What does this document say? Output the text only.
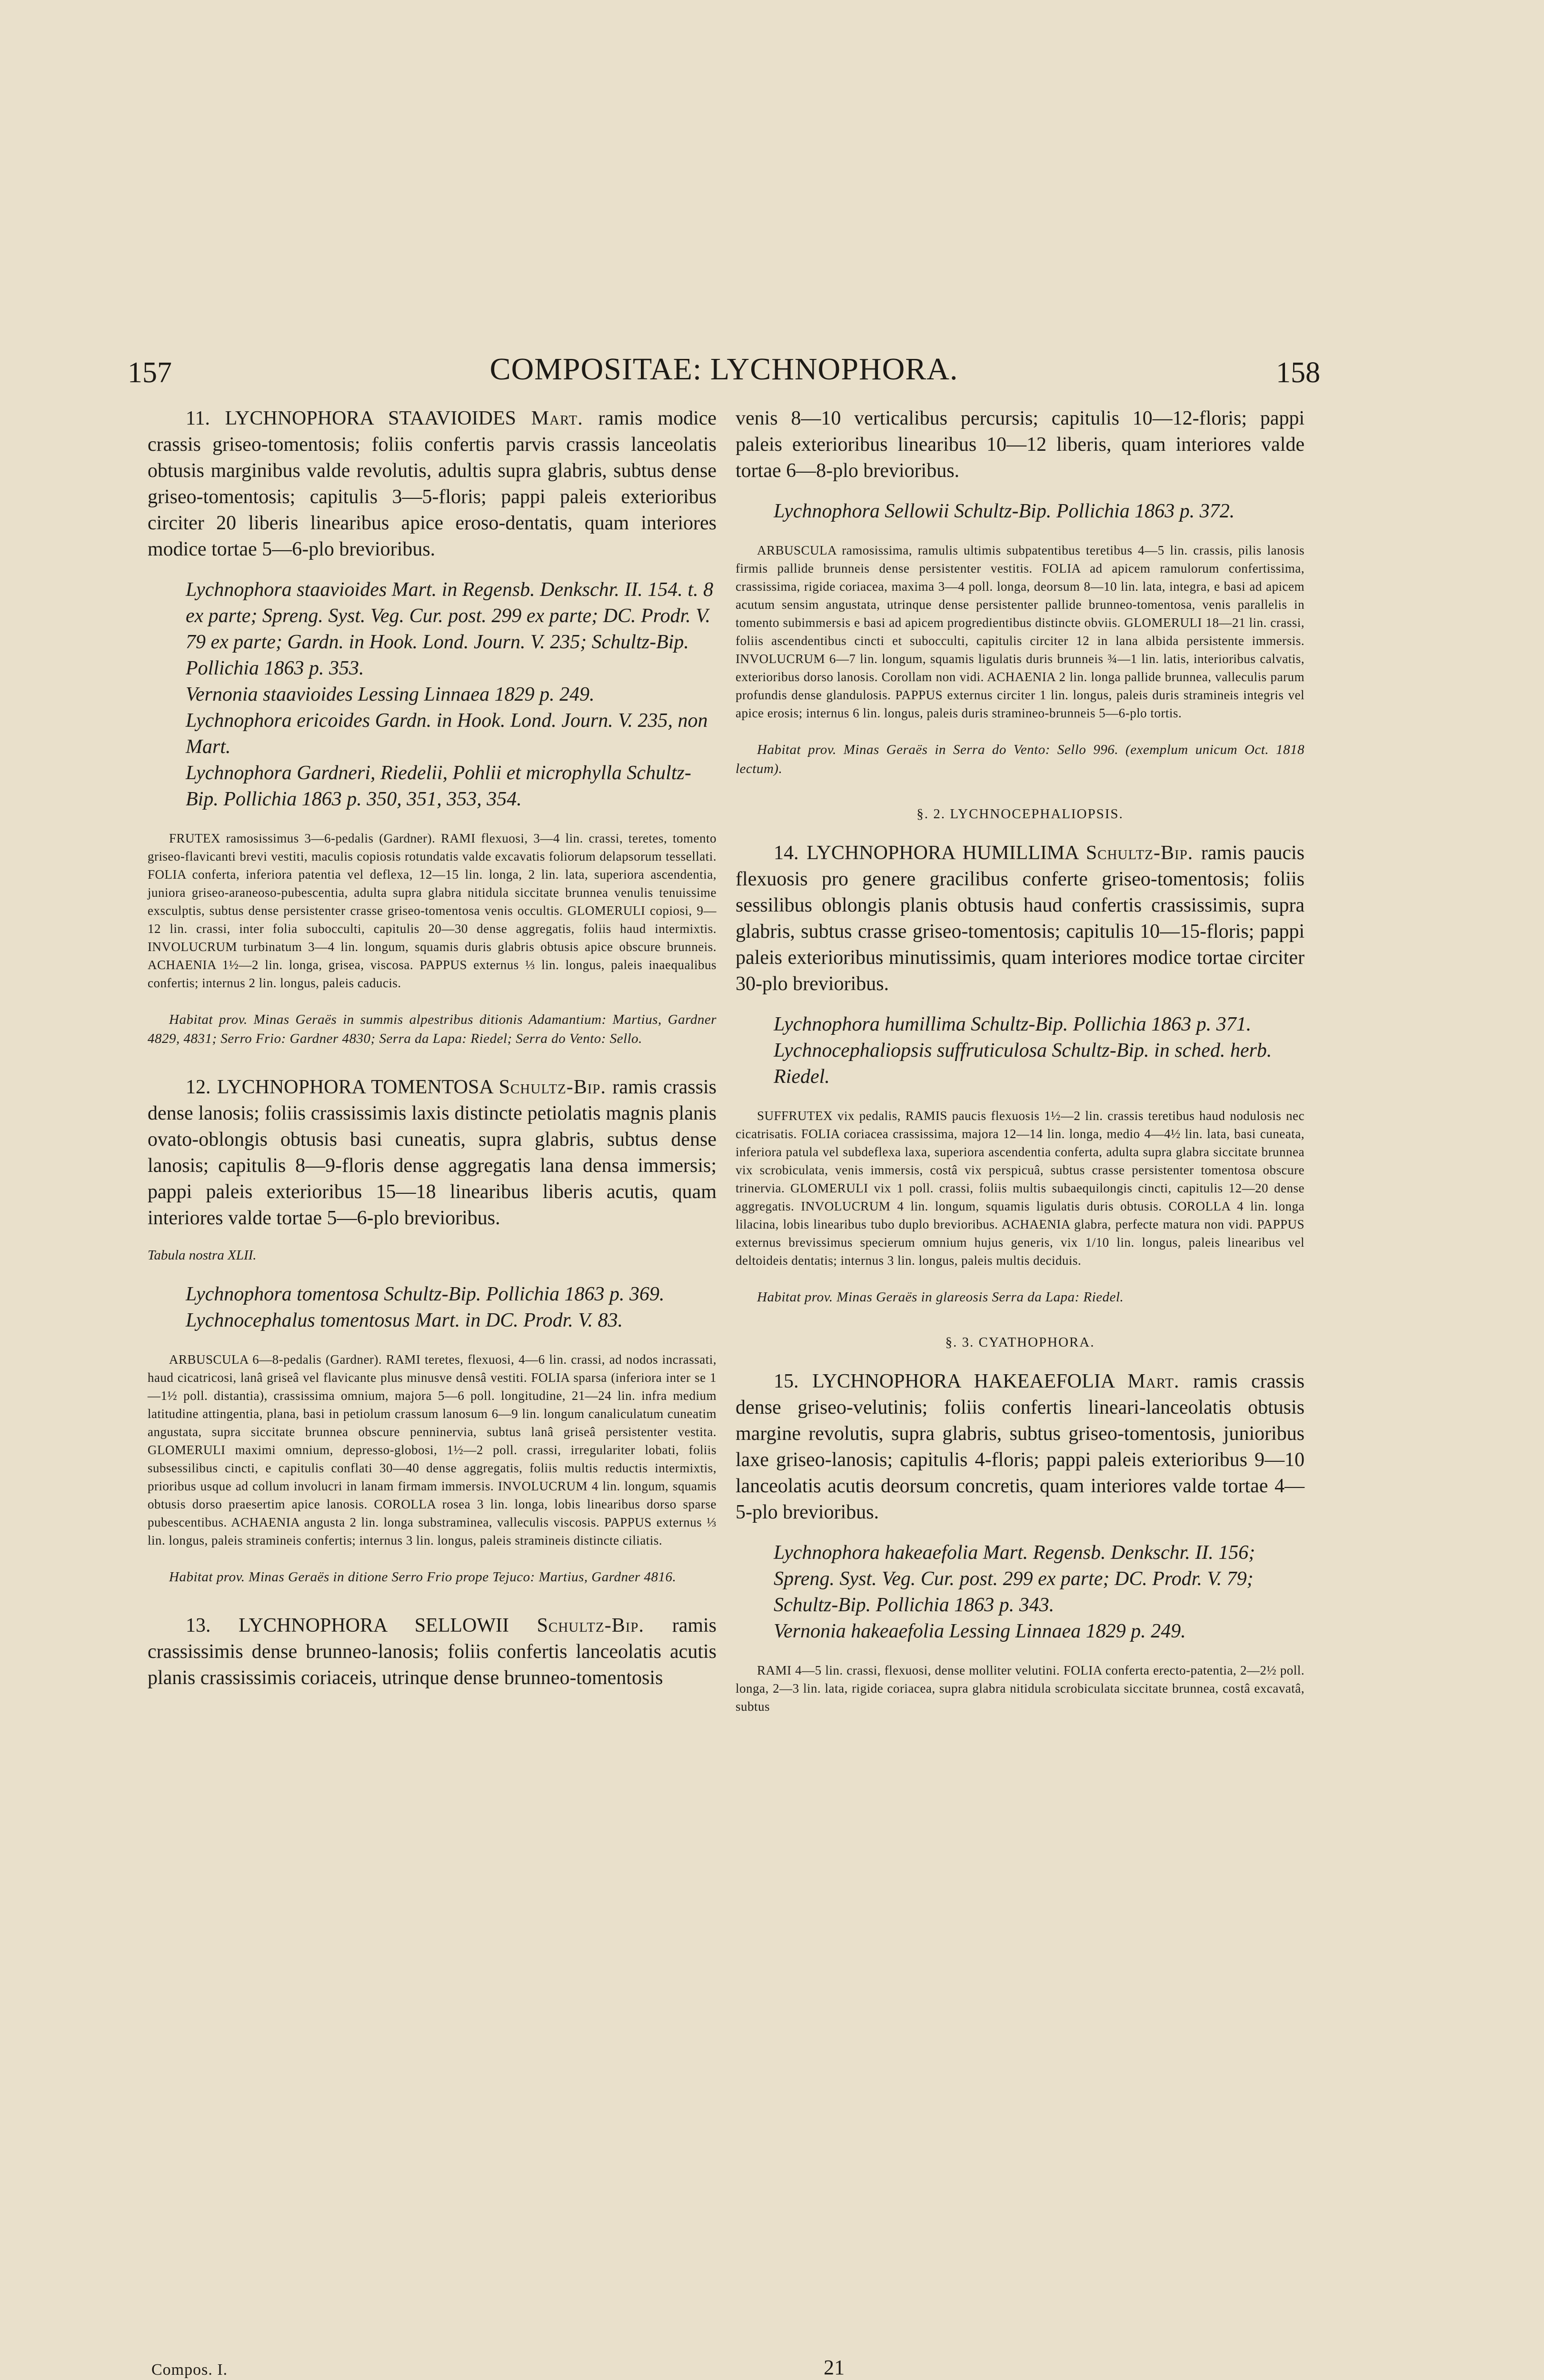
157	COMPOSITAE: LYCHNOPHORA.	158

11. LYCHNOPHORA STAAVIOIDES Mart. ramis modice crassis griseo-tomentosis; foliis confertis parvis crassis lanceolatis obtusis marginibus valde revolutis, adultis supra glabris, subtus dense griseo-tomentosis; capitulis 3—5-floris; pappi paleis exterioribus circiter 20 liberis linearibus apice eroso-dentatis, quam interiores modice tortae 5—6-plo brevioribus.

Lychnophora staavioides Mart. in Regensb. Denkschr. II. 154. t. 8 ex parte; Spreng. Syst. Veg. Cur. post. 299 ex parte; DC. Prodr. V. 79 ex parte; Gardn. in Hook. Lond. Journ. V. 235; Schultz-Bip. Pollichia 1863 p. 353.

Vernonia staavioides Lessing Linnaea 1829 p. 249.

Lychnophora ericoides Gardn. in Hook. Lond. Journ. V. 235, non Mart.

Lychnophora Gardneri, Riedelii, Pohlii et microphylla Schultz-Bip. Pollichia 1863 p. 350, 351, 353, 354.

FRUTEX ramosissimus 3—6-pedalis (Gardner). RAMI flexuosi, 3—4 lin. crassi, teretes, tomento griseo-flavicanti brevi vestiti, maculis copiosis rotundatis valde excavatis foliorum delapsorum tessellati. FOLIA conferta, inferiora patentia vel deflexa, 12—15 lin. longa, 2 lin. lata, superiora ascendentia, juniora griseo-araneoso-pubescentia, adulta supra glabra nitidula siccitate brunnea venulis tenuissime exsculptis, subtus dense persistenter crasse griseo-tomentosa venis occultis. GLOMERULI copiosi, 9—12 lin. crassi, inter folia subocculti, capitulis 20—30 dense aggregatis, foliis haud intermixtis. INVOLUCRUM turbinatum 3—4 lin. longum, squamis duris glabris obtusis apice obscure brunneis. ACHAENIA 1½—2 lin. longa, grisea, viscosa. PAPPUS externus ⅓ lin. longus, paleis inaequalibus confertis; internus 2 lin. longus, paleis caducis.

Habitat prov. Minas Geraës in summis alpestribus ditionis Adamantium: Martius, Gardner 4829, 4831; Serro Frio: Gardner 4830; Serra da Lapa: Riedel; Serra do Vento: Sello.

12. LYCHNOPHORA TOMENTOSA Schultz-Bip. ramis crassis dense lanosis; foliis crassissimis laxis distincte petiolatis magnis planis ovato-oblongis obtusis basi cuneatis, supra glabris, subtus dense lanosis; capitulis 8—9-floris dense aggregatis lana densa immersis; pappi paleis exterioribus 15—18 linearibus liberis acutis, quam interiores valde tortae 5—6-plo brevioribus.

Tabula nostra XLII.

Lychnophora tomentosa Schultz-Bip. Pollichia 1863 p. 369.

Lychnocephalus tomentosus Mart. in DC. Prodr. V. 83.

ARBUSCULA 6—8-pedalis (Gardner). RAMI teretes, flexuosi, 4—6 lin. crassi, ad nodos incrassati, haud cicatricosi, lanâ griseâ vel flavicante plus minusve densâ vestiti. FOLIA sparsa (inferiora inter se 1—1½ poll. distantia), crassissima omnium, majora 5—6 poll. longitudine, 21—24 lin. infra medium latitudine attingentia, plana, basi in petiolum crassum lanosum 6—9 lin. longum canaliculatum cuneatim angustata, supra siccitate brunnea obscure penninervia, subtus lanâ griseâ persistenter vestita. GLOMERULI maximi omnium, depresso-globosi, 1½—2 poll. crassi, irregulariter lobati, foliis subsessilibus cincti, e capitulis conflati 30—40 dense aggregatis, foliis multis reductis intermixtis, prioribus usque ad collum involucri in lanam firmam immersis. INVOLUCRUM 4 lin. longum, squamis obtusis dorso praesertim apice lanosis. COROLLA rosea 3 lin. longa, lobis linearibus dorso sparse pubescentibus. ACHAENIA angusta 2 lin. longa substraminea, valleculis viscosis. PAPPUS externus ⅓ lin. longus, paleis stramineis confertis; internus 3 lin. longus, paleis stramineis distincte ciliatis.

Habitat prov. Minas Geraës in ditione Serro Frio prope Tejuco: Martius, Gardner 4816.

13. LYCHNOPHORA SELLOWII Schultz-Bip. ramis crassissimis dense brunneo-lanosis; foliis confertis lanceolatis acutis planis crassissimis coriaceis, utrinque dense brunneo-tomentosis

venis 8—10 verticalibus percursis; capitulis 10—12-floris; pappi paleis exterioribus linearibus 10—12 liberis, quam interiores valde tortae 6—8-plo brevioribus.

Lychnophora Sellowii Schultz-Bip. Pollichia 1863 p. 372.

ARBUSCULA ramosissima, ramulis ultimis subpatentibus teretibus 4—5 lin. crassis, pilis lanosis firmis pallide brunneis dense persistenter vestitis. FOLIA ad apicem ramulorum confertissima, crassissima, rigide coriacea, maxima 3—4 poll. longa, deorsum 8—10 lin. lata, integra, e basi ad apicem acutum sensim angustata, utrinque dense persistenter pallide brunneo-tomentosa, venis parallelis in tomento subimmersis e basi ad apicem progredientibus distincte obviis. GLOMERULI 18—21 lin. crassi, foliis ascendentibus cincti et subocculti, capitulis circiter 12 in lana albida persistente immersis. INVOLUCRUM 6—7 lin. longum, squamis ligulatis duris brunneis ¾—1 lin. latis, interioribus calvatis, exterioribus dorso lanosis. Corollam non vidi. ACHAENIA 2 lin. longa pallide brunnea, valleculis parum profundis dense glandulosis. PAPPUS externus circiter 1 lin. longus, paleis duris stramineis integris vel apice erosis; internus 6 lin. longus, paleis duris stramineo-brunneis 5—6-plo tortis.

Habitat prov. Minas Geraës in Serra do Vento: Sello 996. (exemplum unicum Oct. 1818 lectum).

§. 2. LYCHNOCEPHALIOPSIS.

14. LYCHNOPHORA HUMILLIMA Schultz-Bip. ramis paucis flexuosis pro genere gracilibus conferte griseo-tomentosis; foliis sessilibus oblongis planis obtusis haud confertis crassissimis, supra glabris, subtus crasse griseo-tomentosis; capitulis 10—15-floris; pappi paleis exterioribus minutissimis, quam interiores modice tortae circiter 30-plo brevioribus.

Lychnophora humillima Schultz-Bip. Pollichia 1863 p. 371.

Lychnocephaliopsis suffruticulosa Schultz-Bip. in sched. herb. Riedel.

SUFFRUTEX vix pedalis, RAMIS paucis flexuosis 1½—2 lin. crassis teretibus haud nodulosis nec cicatrisatis. FOLIA coriacea crassissima, majora 12—14 lin. longa, medio 4—4½ lin. lata, basi cuneata, inferiora patula vel subdeflexa laxa, superiora ascendentia conferta, adulta supra glabra siccitate brunnea vix scrobiculata, venis immersis, costâ vix perspicuâ, subtus crasse persistenter tomentosa obscure trinervia. GLOMERULI vix 1 poll. crassi, foliis multis subaequilongis cincti, capitulis 12—20 dense aggregatis. INVOLUCRUM 4 lin. longum, squamis ligulatis duris obtusis. COROLLA 4 lin. longa lilacina, lobis linearibus tubo duplo brevioribus. ACHAENIA glabra, perfecte matura non vidi. PAPPUS externus brevissimus specierum omnium hujus generis, vix 1/10 lin. longus, paleis linearibus vel deltoideis dentatis; internus 3 lin. longus, paleis multis deciduis.

Habitat prov. Minas Geraës in glareosis Serra da Lapa: Riedel.

§. 3. CYATHOPHORA.

15. LYCHNOPHORA HAKEAEFOLIA Mart. ramis crassis dense griseo-velutinis; foliis confertis lineari-lanceolatis obtusis margine revolutis, supra glabris, subtus griseo-tomentosis, junioribus laxe griseo-lanosis; capitulis 4-floris; pappi paleis exterioribus 9—10 lanceolatis acutis deorsum concretis, quam interiores valde tortae 4—5-plo brevioribus.

Lychnophora hakeaefolia Mart. Regensb. Denkschr. II. 156; Spreng. Syst. Veg. Cur. post. 299 ex parte; DC. Prodr. V. 79; Schultz-Bip. Pollichia 1863 p. 343.

Vernonia hakeaefolia Lessing Linnaea 1829 p. 249.

RAMI 4—5 lin. crassi, flexuosi, dense molliter velutini. FOLIA conferta erecto-patentia, 2—2½ poll. longa, 2—3 lin. lata, rigide coriacea, supra glabra nitidula scrobiculata siccitate brunnea, costâ excavatâ, subtus

Compos. I.	21
